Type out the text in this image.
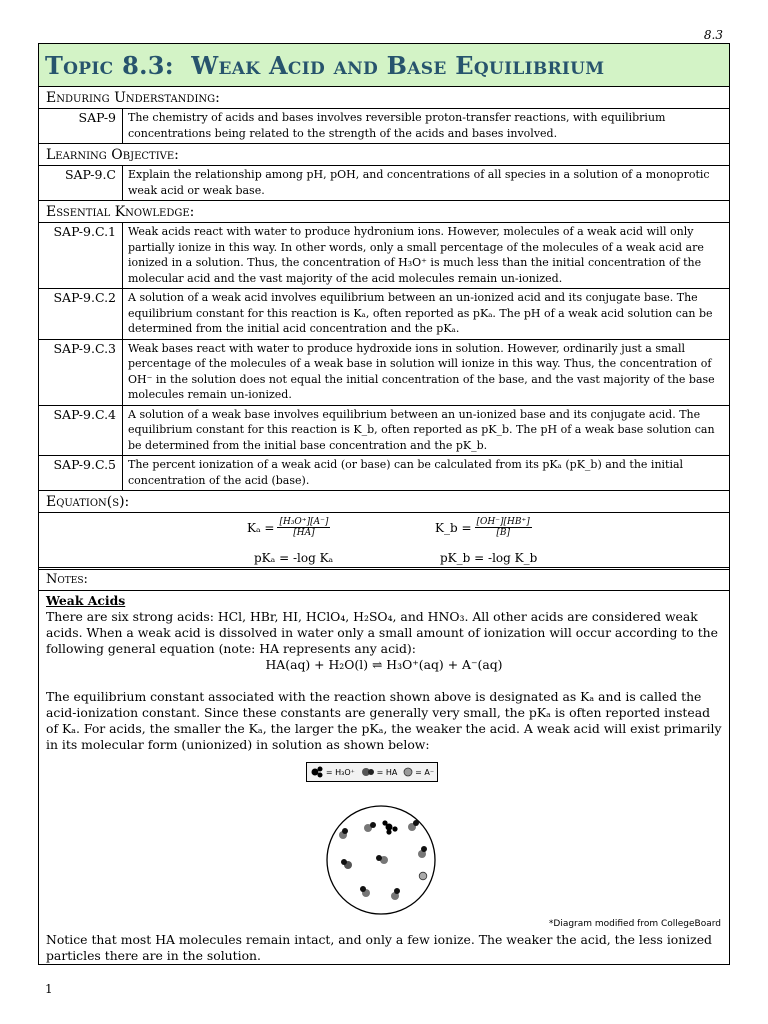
8.3
Topic 8.3: Weak Acid and Base Equilibrium
Enduring Understanding:
SAP-9	The chemistry of acids and bases involves reversible proton-transfer reactions, with equilibrium concentrations being related to the strength of the acids and bases involved.
Learning Objective:
SAP-9.C	Explain the relationship among pH, pOH, and concentrations of all species in a solution of a monoprotic weak acid or weak base.
Essential Knowledge:
SAP-9.C.1	Weak acids react with water to produce hydronium ions. However, molecules of a weak acid will only partially ionize in this way. In other words, only a small percentage of the molecules of a weak acid are ionized in a solution. Thus, the concentration of H₃O⁺ is much less than the initial concentration of the molecular acid and the vast majority of the acid molecules remain un-ionized.
SAP-9.C.2	A solution of a weak acid involves equilibrium between an un-ionized acid and its conjugate base. The equilibrium constant for this reaction is Kₐ, often reported as pKₐ. The pH of a weak acid solution can be determined from the initial acid concentration and the pKₐ.
SAP-9.C.3	Weak bases react with water to produce hydroxide ions in solution. However, ordinarily just a small percentage of the molecules of a weak base in solution will ionize in this way. Thus, the concentration of OH⁻ in the solution does not equal the initial concentration of the base, and the vast majority of the base molecules remain un-ionized.
SAP-9.C.4	A solution of a weak base involves equilibrium between an un-ionized base and its conjugate acid. The equilibrium constant for this reaction is K_b, often reported as pK_b. The pH of a weak base solution can be determined from the initial base concentration and the pK_b.
SAP-9.C.5	The percent ionization of a weak acid (or base) can be calculated from its pKₐ (pK_b) and the initial concentration of the acid (base).
Equation(s):
$K_a = \frac{\text{[H₃O⁺][A⁻]}}{[HA]}$	K_b = $\frac{[OH^-][HB^+]}{[B]}$
pKₐ = -log Kₐ	pK_b = -log K_b
Notes:

Weak Acids

There are six strong acids: HCl, HBr, HI, HClO₄, H₂SO₄, and HNO₃. All other acids are considered weak acids. When a weak acid is dissolved in water only a small amount of ionization will occur according to the following general equation (note: HA represents any acid):

HA(aq) + H₂O(l) ⇌ H₃O⁺(aq) + A⁻(aq)

The equilibrium constant associated with the reaction shown above is designated as Kₐ and is called the acid-ionization constant. Since these constants are generally very small, the pKₐ is often reported instead of Kₐ. For acids, the smaller the Kₐ, the larger the pKₐ, the weaker the acid. A weak acid will exist primarily in its molecular form (unionized) in solution as shown below:

= H₃O⁺	= HA = A⁻
*Diagram modified from CollegeBoard
Notice that most HA molecules remain intact, and only a few ionize. The weaker the acid, the less ionized particles there are in the solution.
1
